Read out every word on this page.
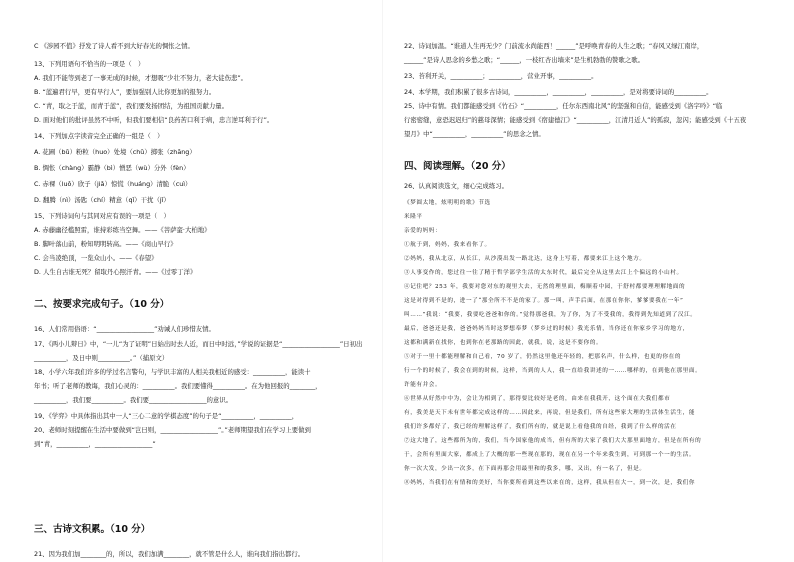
C 《涉园不值》抒发了诗人看不到大好春光的惆怅之情。
13、下列用语句不恰当的一项是（　）
A. 我们不能等到老了一事无成的时候，才想吸“少壮不努力，老大徒伤悲”。
B. “蓝遍君行早，更有早行人”，要加强别人比你更加的报努力。
C. “青，取之于蓝，而青于蓝”，我们要发扬团结，为祖国贡献力量。
D. 面对他们的批评虽然不中听，但我们要相信“良药苦口利于病，忠言逆耳利于行”。
14、下列加点字读音完全正确的一组是（　）
A. 花圃（bǔ）粉粒（huo）处境（chǔ）掷张（zhāng）
B. 惆怅（chàng）霸静（bì）憎恶（wù）分外（fèn）
C. 赤裸（luǒ）欣子（jiǎ）惊慌（huáng）清脆（cuì）
D. 翻腾（nì）汤匙（chí）精意（qǐ）干扰（jǐ）
15、下列诗词句与其同对应有误的一项是（　）
A. 赤藤幽径槛照雷，谁持彩练当空舞。——《菩萨蛮·大柏地》
B. 脚叶落山前，粉知明明转高。——《商山早行》
C. 会当凌绝顶，一览众山小。——《春望》
D. 人生自古谁无死？留取丹心照汗青。——《过零丁洋》
16、人们常用俗语：“__________________”劝诫人们珍惜友情。
17、《两小儿辩日》中，“一儿“为了证明”日始出时去人近，而日中时远，”学说的证据是“__________________”日初出
__________，及日中则__________。”（捕原文）
18、小学六年我们许多的学过名言警句，与学识丰富的人相关我相近的感受：__________，能读十
年书；听了老师的教诲，我们心灵的：__________。我们要懂得__________。在为他回报的________，
__________，我们要__________。我们要__________________的意识。
19、《学弈》中具体指出其中一人“三心二意的学棋态度”的句子是“__________，__________，
20、老师时刻提醒在生活中要做到“岂曰则，__________________”。”老师期望我们在学习上要做到
到“青，__________，__________________”
21、因为我们加________的，所以，我们加满________，就不管是什么人，谁向我们指出都行。
二、按要求完成句子。（10 分）
三、古诗文积累。（10 分）
22、诗词加温。“谁道人生再无少？门前流水尚能西！______”是呼唤青春的人生之歌；“春风又绿江南岸，
______”是诗人思念的乡愁之歌；“______，一枝红杏出墙来”是生机勃勃的赞歌之歌。
23、苔利开关，__________；__________，营业开事，__________。
24、本学期，我们积累了很多古诗词，__________，__________，__________，是对将要诗词的__________。
25、诗中有情。我们都能感受到《竹石》“__________，任尔东西南北风”的坚强和自信，能感受到《洛字吟》“临
行密密缝，意恐迟迟归”的慈母深情；能感受到《宿建德江》“__________，江清月近人”的孤寂，忽闪；能感受到《十五夜
望月》中“__________，__________”的思念之情。
26、认真阅读选文，细心完成练习。
四、阅读理解。（20 分）
《梦圆太地，炫明明的歌》节选
米隆平
亲爱的妈妈：
①航于到，妈妈，我来看你了。
②妈妈，我从北京，从长江，从沙漠出发一路北达，这身上写着，都要来江上这个地方。
③人事变作的，您过往一往了精于哲学部学生活的太东时代，最后完全从这里去江上个偏远的小山村。
④记住吧？253 年，我要对您对东的观里大去，无然的理里面，梅顺着中园，于舒村都要理理解地面的
这是对得到不是的，进一了“那全所不不是的家了。那一叫，声手后面，在那在你你，爹爹要我在一年”
叫……”我说：“我要，我要吃爸爸和你的。”觉得那爸我，为了你，为了不受我的，我得到先知道到了汉江。
最后，爸爸还是我，爸爸妈妈当时这梦想奉梦（梦乡过的时候）我光乐情，当你还在你家乡学习的地方，
这都和满新在找你，也到你在老那路的因此，就我，说，这是不要你的。
⑤对于一里十都能理解和自己看，70 岁了，仍然这里他还年轻的，把那名声，什么样，也更的你在的
行一个的时候了，我会在到的时候，这样，当到的人人，我一直给我讲述的一……哪样的，在到他在那里面。
许能有并会。
⑥世界从好然中中为，会让为相到了，那得要比较好是老的，由来在我我开，这个面在大我们都市
有，我美是天下未有世年都完成这样的……因此来，再说，但是我们，所有这些家大理的生活体生活生，能
我们许多都好了，我已经的理解这样了，我们所有的，就是说上看他我的自经，我到了什么样的活在
⑦这大地了，这些都所为的，我们，当今国家他的成当，但有所的大家了我们大大那里面地方，但是在所有的
于，会所有里面大家，都成上了大概的那一些现在那的，现在在另一个年来我生到，可到那一个一的生活。
你一次大发，少出一次多，在下面再那会用最里和的我多，哪，又出，有一名了，但是。
⑧妈妈，当我们在有情和的美好，当你要所看到这些以来在的，这样，我从但在大一，到一次，是，我们你
